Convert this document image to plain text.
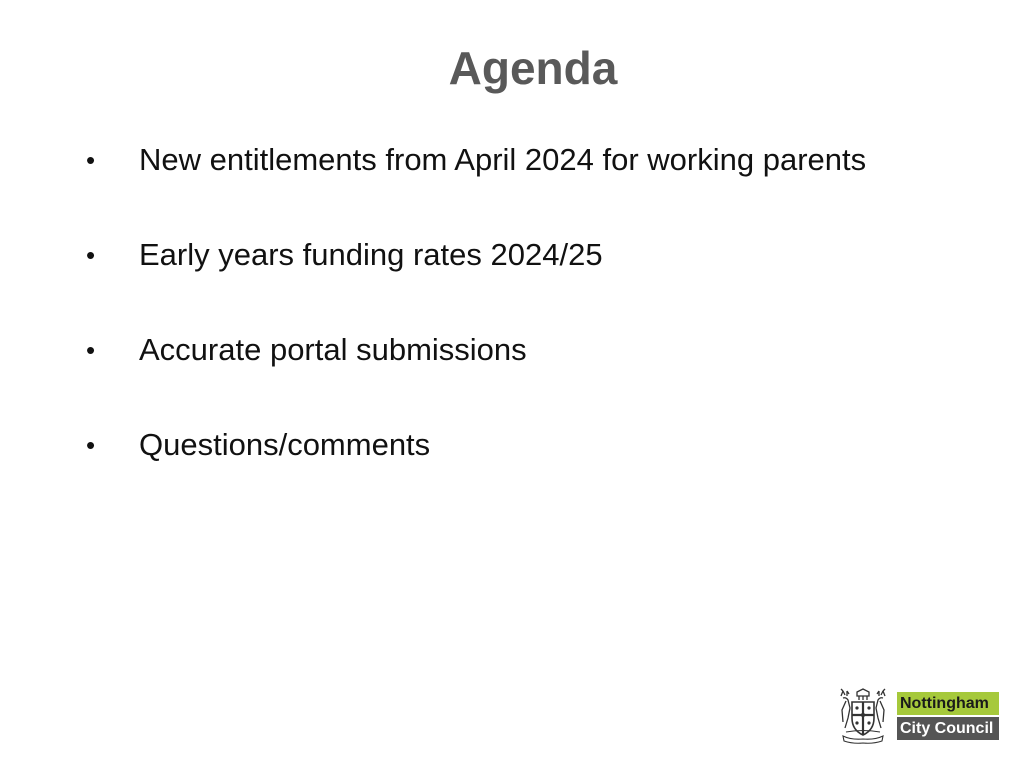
Agenda
•	New entitlements from April 2024 for working parents
•	Early years funding rates 2024/25
•	Accurate portal submissions
•	Questions/comments
Nottingham
City Council
